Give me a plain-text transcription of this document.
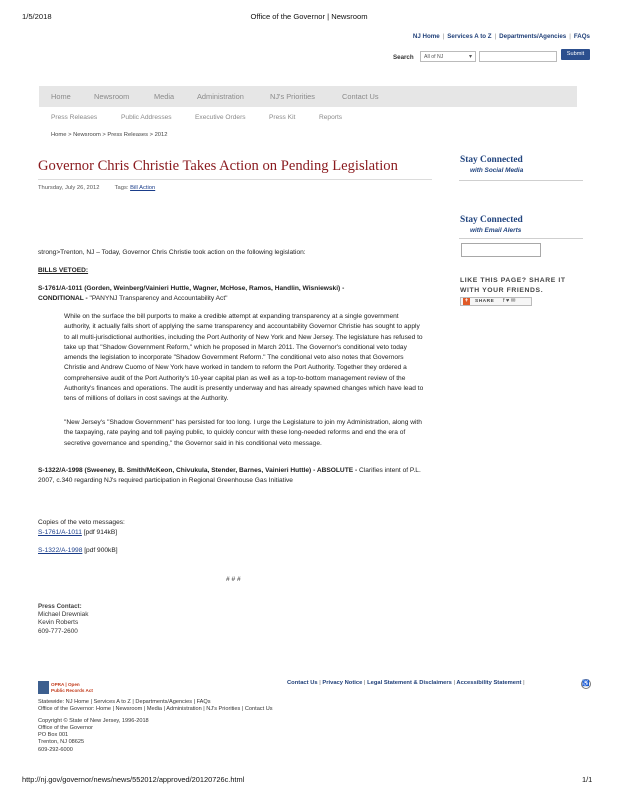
1/5/2018	Office of the Governor | Newsroom
NJ Home | Services A to Z | Departments/Agencies | FAQs
Search	All of NJ	▾	Submit
Home	Newsroom	Media	Administration	NJ's Priorities	Contact Us
Press Releases	Public Addresses	Executive Orders	Press Kit	Reports
Home > Newsroom > Press Releases > 2012
Governor Chris Christie Takes Action on Pending Legislation
Thursday, July 26, 2012	Tags: Bill Action
Stay Connected
with Social Media
Stay Connected
with Email Alerts
LIKE THIS PAGE? SHARE IT
WITH YOUR FRIENDS.
+	SHARE f ♥ ✉
strong>Trenton, NJ – Today, Governor Chris Christie took action on the following legislation:
BILLS VETOED:
S-1761/A-1011 (Gorden, Weinberg/Vainieri Huttle, Wagner, McHose, Ramos, Handlin, Wisniewski) -
CONDITIONAL - "PANYNJ Transparency and Accountability Act"
While on the surface the bill purports to make a credible attempt at expanding transparency at a single government authority, it actually falls short of applying the same transparency and accountability Governor Christie has sought to apply to all multi-jurisdictional authorities, including the Port Authority of New York and New Jersey. The legislature has refused to take up that "Shadow Government Reform," which he proposed in March 2011. The Governor's conditional veto today amends the legislation to incorporate "Shadow Government Reform." The conditional veto also notes that Governors Christie and Andrew Cuomo of New York have worked in tandem to reform the Port Authority. Together they ordered a comprehensive audit of the Port Authority's 10-year capital plan as well as a top-to-bottom management review of the Authority's finances and operations. The audit is presently underway and has already spawned changes which have lead to tens of millions of dollars in cost savings at the Authority.
"New Jersey's "Shadow Government" has persisted for too long. I urge the Legislature to join my Administration, along with the taxpaying, rate paying and toll paying public, to quickly concur with these long-needed reforms and end the era of secretive governance and spending," the Governor said in his conditional veto message.
S-1322/A-1998 (Sweeney, B. Smith/McKeon, Chivukula, Stender, Barnes, Vainieri Huttle) - ABSOLUTE - Clarifies intent of P.L. 2007, c.340 regarding NJ's required participation in Regional Greenhouse Gas Initiative
Copies of the veto messages:
S-1761/A-1011 [pdf 914kB]
S-1322/A-1998 [pdf 900kB]
# # #
Press Contact:
Michael Drewniak
Kevin Roberts
609-777-2600
OPRA | Open
Public Records Act
Contact Us | Privacy Notice | Legal Statement & Disclaimers | Accessibility Statement |	♿
Statewide: NJ Home | Services A to Z | Departments/Agencies | FAQs
Office of the Governor: Home | Newsroom | Media | Administration | NJ's Priorities | Contact Us
Copyright © State of New Jersey, 1996-2018
Office of the Governor
PO Box 001
Trenton, NJ 08625
609-292-6000
http://nj.gov/governor/news/news/552012/approved/20120726c.html	1/1
